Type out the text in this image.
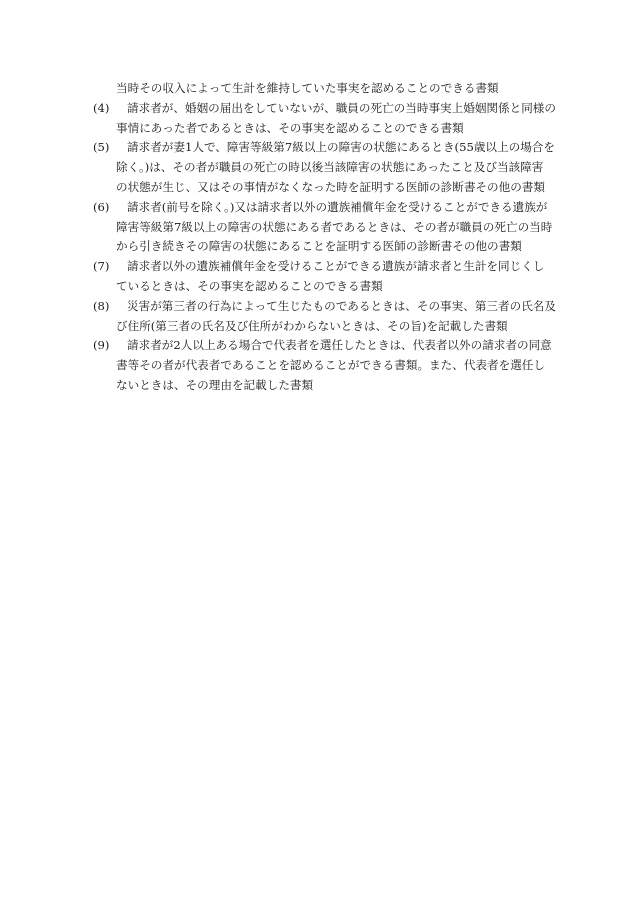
当時その収入によって生計を維持していた事実を認めることのできる書類
(4)	請求者が、婚姻の届出をしていないが、職員の死亡の当時事実上婚姻関係と同様の
事情にあった者であるときは、その事実を認めることのできる書類
(5)	請求者が妻1人で、障害等級第7級以上の障害の状態にあるとき(55歳以上の場合を
除く。)は、その者が職員の死亡の時以後当該障害の状態にあったこと及び当該障害
の状態が生じ、又はその事情がなくなった時を証明する医師の診断書その他の書類
(6)	請求者(前号を除く。)又は請求者以外の遺族補償年金を受けることができる遺族が
障害等級第7級以上の障害の状態にある者であるときは、その者が職員の死亡の当時
から引き続きその障害の状態にあることを証明する医師の診断書その他の書類
(7)	請求者以外の遺族補償年金を受けることができる遺族が請求者と生計を同じくし
ているときは、その事実を認めることのできる書類
(8)	災害が第三者の行為によって生じたものであるときは、その事実、第三者の氏名及
び住所(第三者の氏名及び住所がわからないときは、その旨)を記載した書類
(9)	請求者が2人以上ある場合で代表者を選任したときは、代表者以外の請求者の同意
書等その者が代表者であることを認めることができる書類。また、代表者を選任し
ないときは、その理由を記載した書類
